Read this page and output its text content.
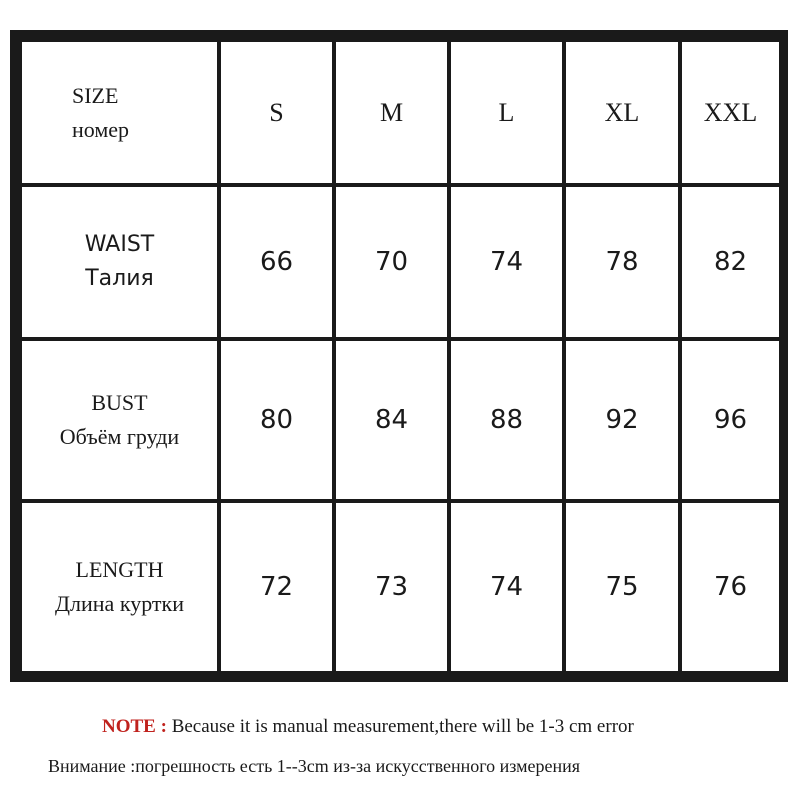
SIZE
номер
S	M	L	XL	XXL
WAIST
Талия
66	70	74	78	82
BUST
Объём груди
80	84	88	92	96
LENGTH
Длина куртки
72	73	74	75	76
NOTE : Because it is manual measurement,there will be 1-3 cm error
Внимание :погрешность есть 1--3cm из-за искусственного измерения
